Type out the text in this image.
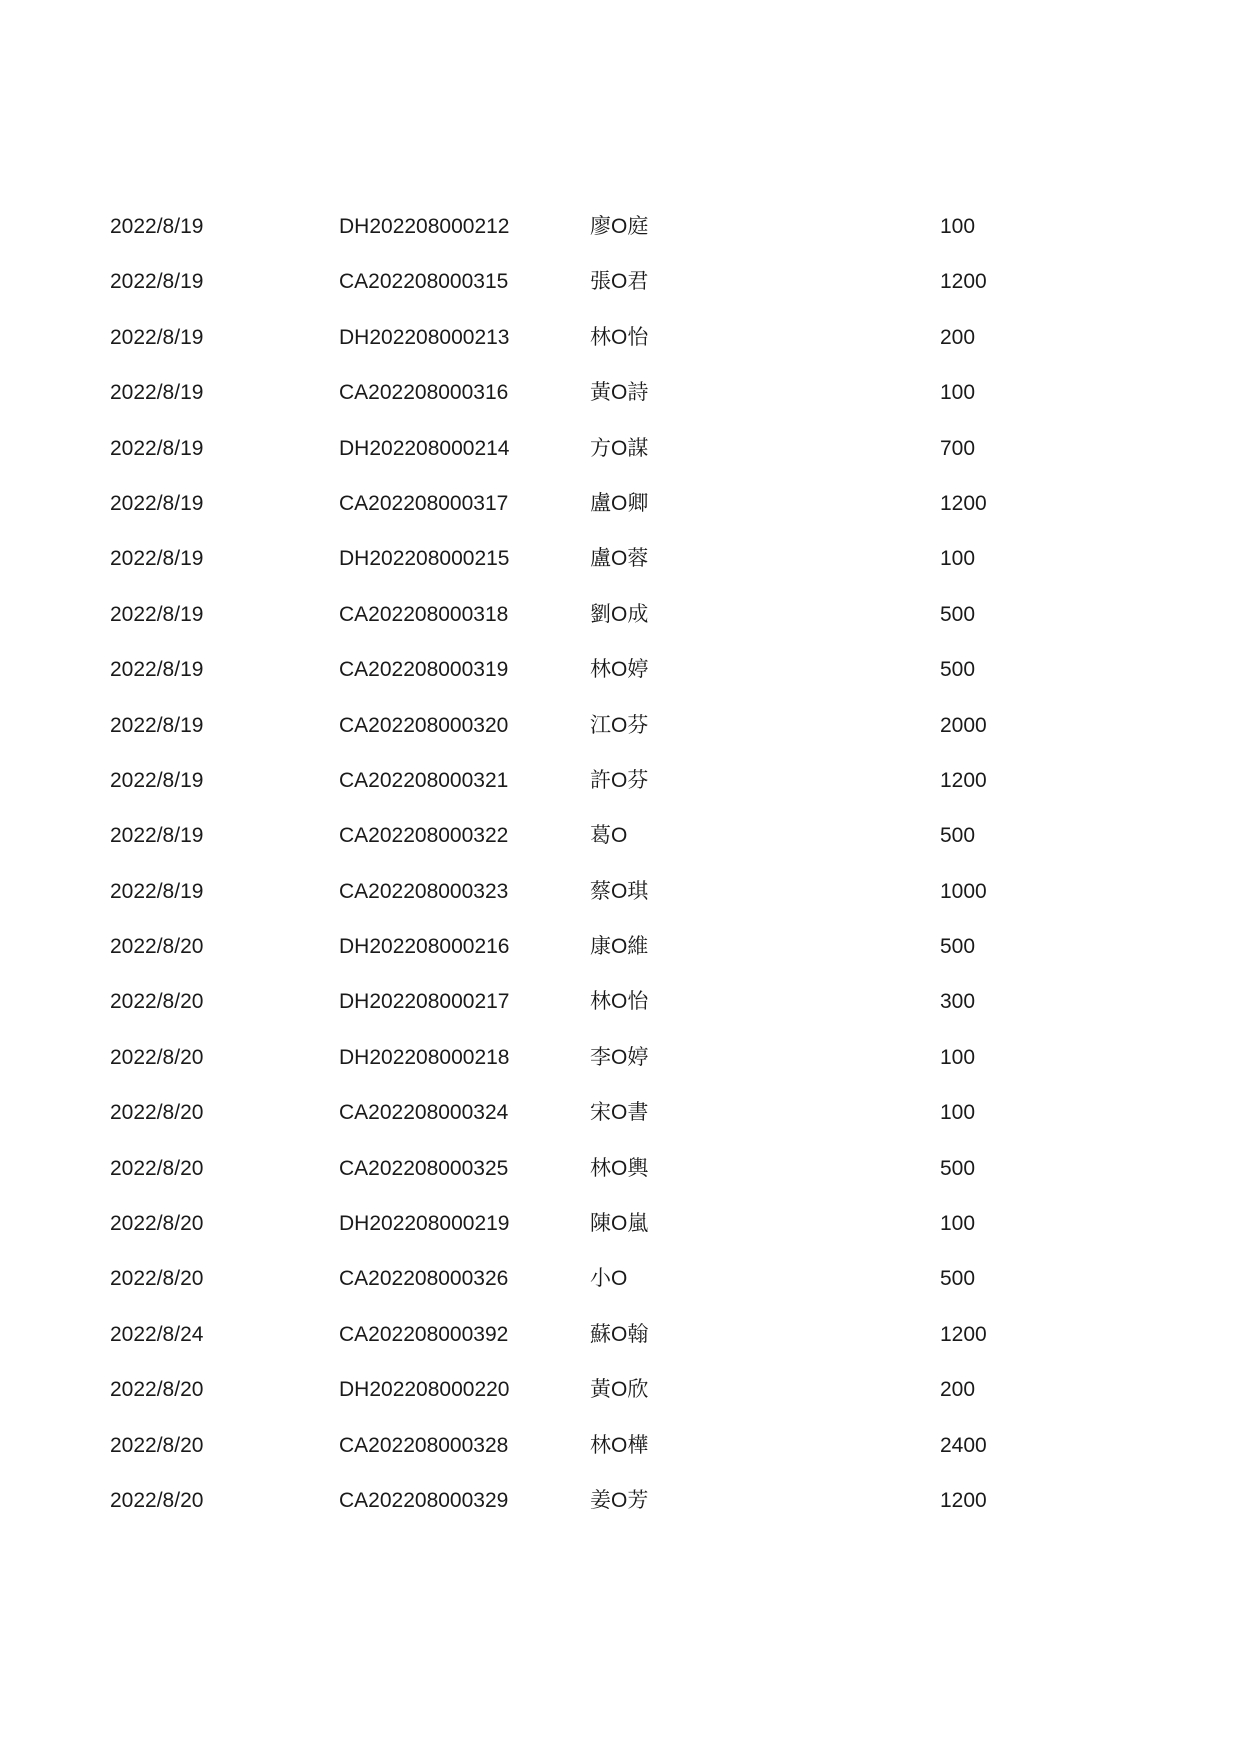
2022/8/19	DH202208000212	廖O庭	100
2022/8/19	CA202208000315	張O君	1200
2022/8/19	DH202208000213	林O怡	200
2022/8/19	CA202208000316	黃O詩	100
2022/8/19	DH202208000214	方O謀	700
2022/8/19	CA202208000317	盧O卿	1200
2022/8/19	DH202208000215	盧O蓉	100
2022/8/19	CA202208000318	劉O成	500
2022/8/19	CA202208000319	林O婷	500
2022/8/19	CA202208000320	江O芬	2000
2022/8/19	CA202208000321	許O芬	1200
2022/8/19	CA202208000322	葛O	500
2022/8/19	CA202208000323	蔡O琪	1000
2022/8/20	DH202208000216	康O維	500
2022/8/20	DH202208000217	林O怡	300
2022/8/20	DH202208000218	李O婷	100
2022/8/20	CA202208000324	宋O書	100
2022/8/20	CA202208000325	林O輿	500
2022/8/20	DH202208000219	陳O嵐	100
2022/8/20	CA202208000326	小O	500
2022/8/24	CA202208000392	蘇O翰	1200
2022/8/20	DH202208000220	黃O欣	200
2022/8/20	CA202208000328	林O樺	2400
2022/8/20	CA202208000329	姜O芳	1200
